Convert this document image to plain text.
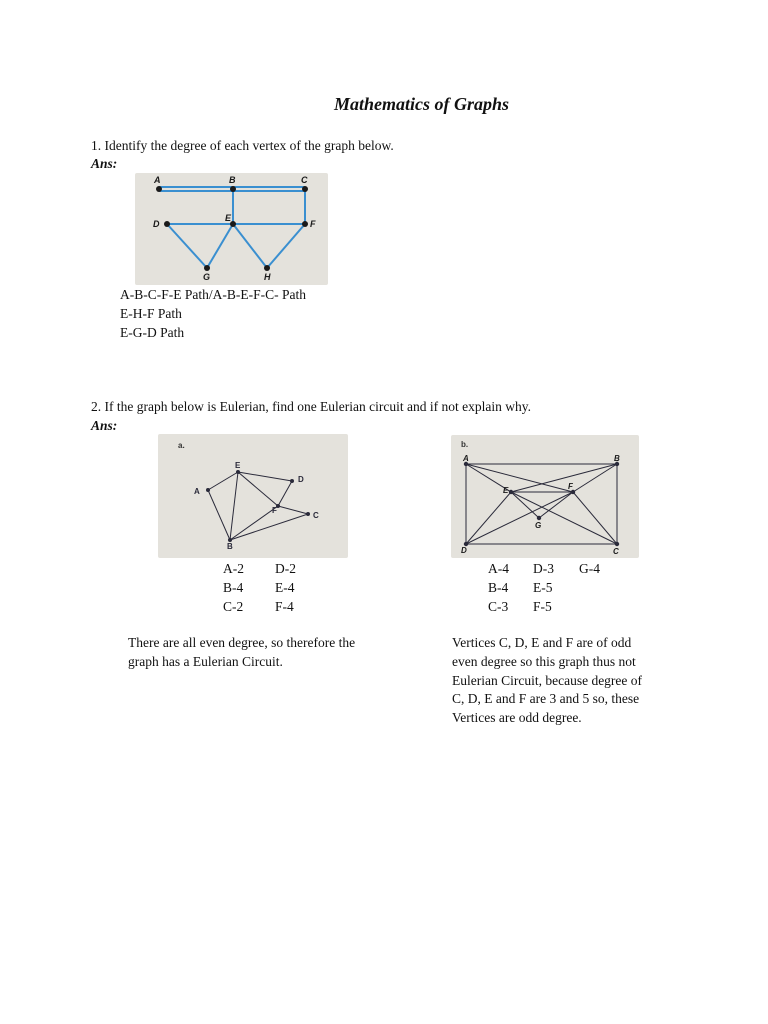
Mathematics of Graphs
1. Identify the degree of each vertex of the graph below.
Ans:
A	B	C
D
E
F
G	H
A-B-C-F-E Path/A-B-E-F-C- Path
E-H-F Path
E-G-D Path
2. If the graph below is Eulerian, find one Eulerian circuit and if not explain why.
Ans:
a.
A
B
C
D
E
F
b.
A	B
C
D
E	F
G
A-2 D-2
B-4 E-4
C-2 F-4
A-4 D-3 G-4
B-4 E-5
C-3 F-5
There are all even degree, so therefore the
graph has a Eulerian Circuit.
Vertices C, D, E and F are of odd
even degree so this graph thus not
Eulerian Circuit, because degree of
C, D, E and F are 3 and 5 so, these
Vertices are odd degree.
